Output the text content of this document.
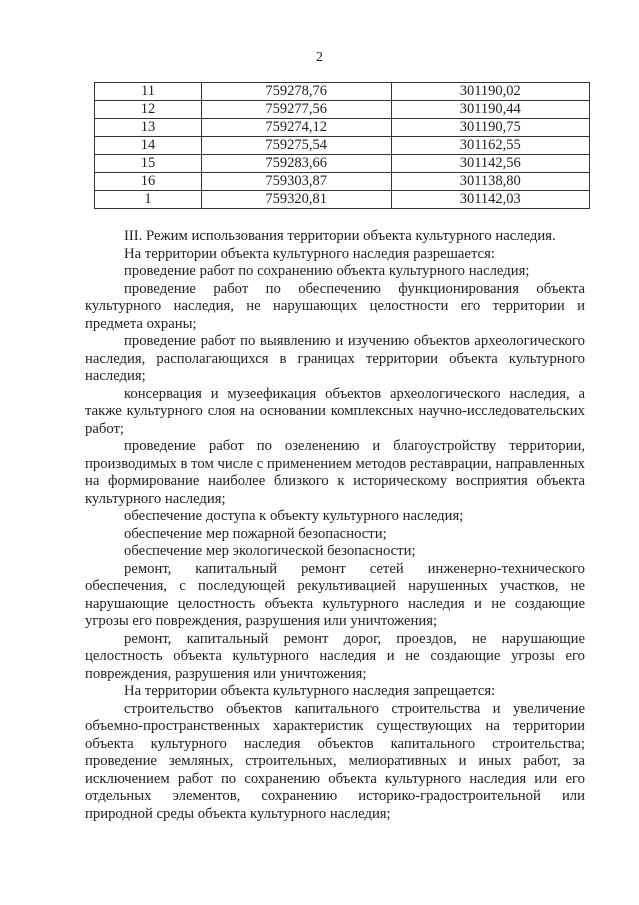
2
11	759278,76	301190,02
12	759277,56	301190,44
13	759274,12	301190,75
14	759275,54	301162,55
15	759283,66	301142,56
16	759303,87	301138,80
1	759320,81	301142,03

III. Режим использования территории объекта культурного наследия.

На территории объекта культурного наследия разрешается:

проведение работ по сохранению объекта культурного наследия;

проведение работ по обеспечению функционирования объекта культурного наследия, не нарушающих целостности его территории и предмета охраны;

проведение работ по выявлению и изучению объектов археологического наследия, располагающихся в границах территории объекта культурного наследия;

консервация и музеефикация объектов археологического наследия, а также культурного слоя на основании комплексных научно-исследовательских работ;

проведение работ по озеленению и благоустройству территории, производимых в том числе с применением методов реставрации, направленных на формирование наиболее близкого к историческому восприятия объекта культурного наследия;

обеспечение доступа к объекту культурного наследия;

обеспечение мер пожарной безопасности;

обеспечение мер экологической безопасности;

ремонт, капитальный ремонт сетей инженерно-технического обеспечения, с последующей рекультивацией нарушенных участков, не нарушающие целостность объекта культурного наследия и не создающие угрозы его повреждения, разрушения или уничтожения;

ремонт, капитальный ремонт дорог, проездов, не нарушающие целостность объекта культурного наследия и не создающие угрозы его повреждения, разрушения или уничтожения;

На территории объекта культурного наследия запрещается:

строительство объектов капитального строительства и увеличение объемно-пространственных характеристик существующих на территории объекта культурного наследия объектов капитального строительства; проведение земляных, строительных, мелиоративных и иных работ, за исключением работ по сохранению объекта культурного наследия или его отдельных элементов, сохранению историко-градостроительной или природной среды объекта культурного наследия;
